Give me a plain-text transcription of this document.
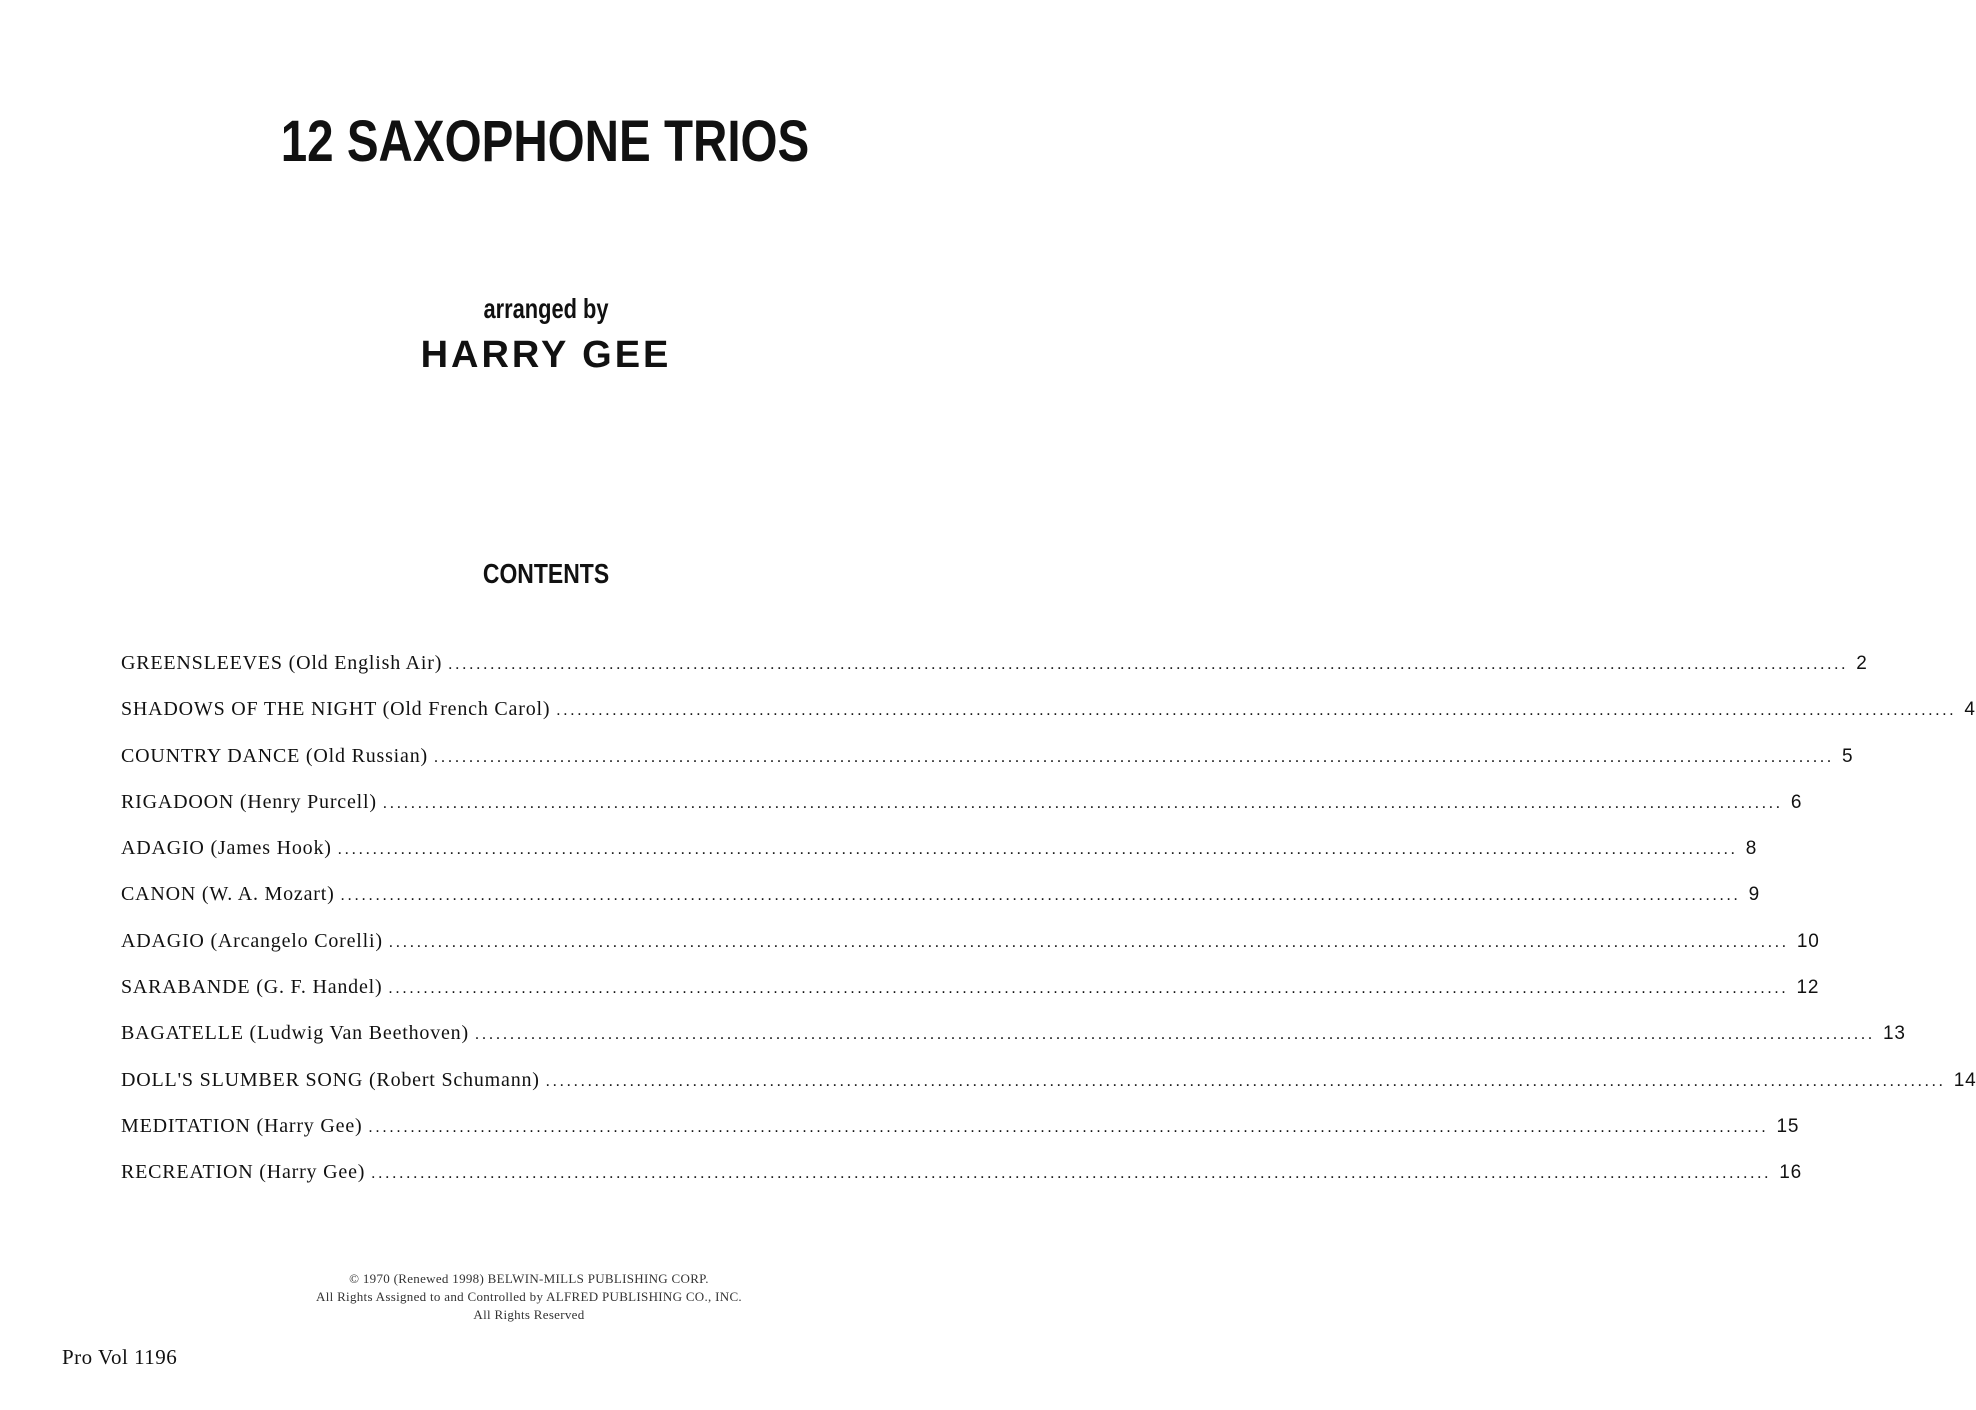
12 SAXOPHONE TRIOS
arranged by
HARRY GEE
CONTENTS
GREENSLEEVES (Old English Air) ........................................................................................................................................................................................................ 2
SHADOWS OF THE NIGHT (Old French Carol) ........................................................................................................................................................................................................ 4
COUNTRY DANCE (Old Russian) ........................................................................................................................................................................................................ 5
RIGADOON (Henry Purcell) ........................................................................................................................................................................................................ 6
ADAGIO (James Hook) ........................................................................................................................................................................................................ 8
CANON (W. A. Mozart) ........................................................................................................................................................................................................ 9
ADAGIO (Arcangelo Corelli) ........................................................................................................................................................................................................ 10
SARABANDE (G. F. Handel) ........................................................................................................................................................................................................ 12
BAGATELLE (Ludwig Van Beethoven) ........................................................................................................................................................................................................ 13
DOLL'S SLUMBER SONG (Robert Schumann) ........................................................................................................................................................................................................ 14
MEDITATION (Harry Gee) ........................................................................................................................................................................................................ 15
RECREATION (Harry Gee) ........................................................................................................................................................................................................ 16
© 1970 (Renewed 1998) BELWIN-MILLS PUBLISHING CORP.
All Rights Assigned to and Controlled by ALFRED PUBLISHING CO., INC.
All Rights Reserved
Pro Vol 1196
